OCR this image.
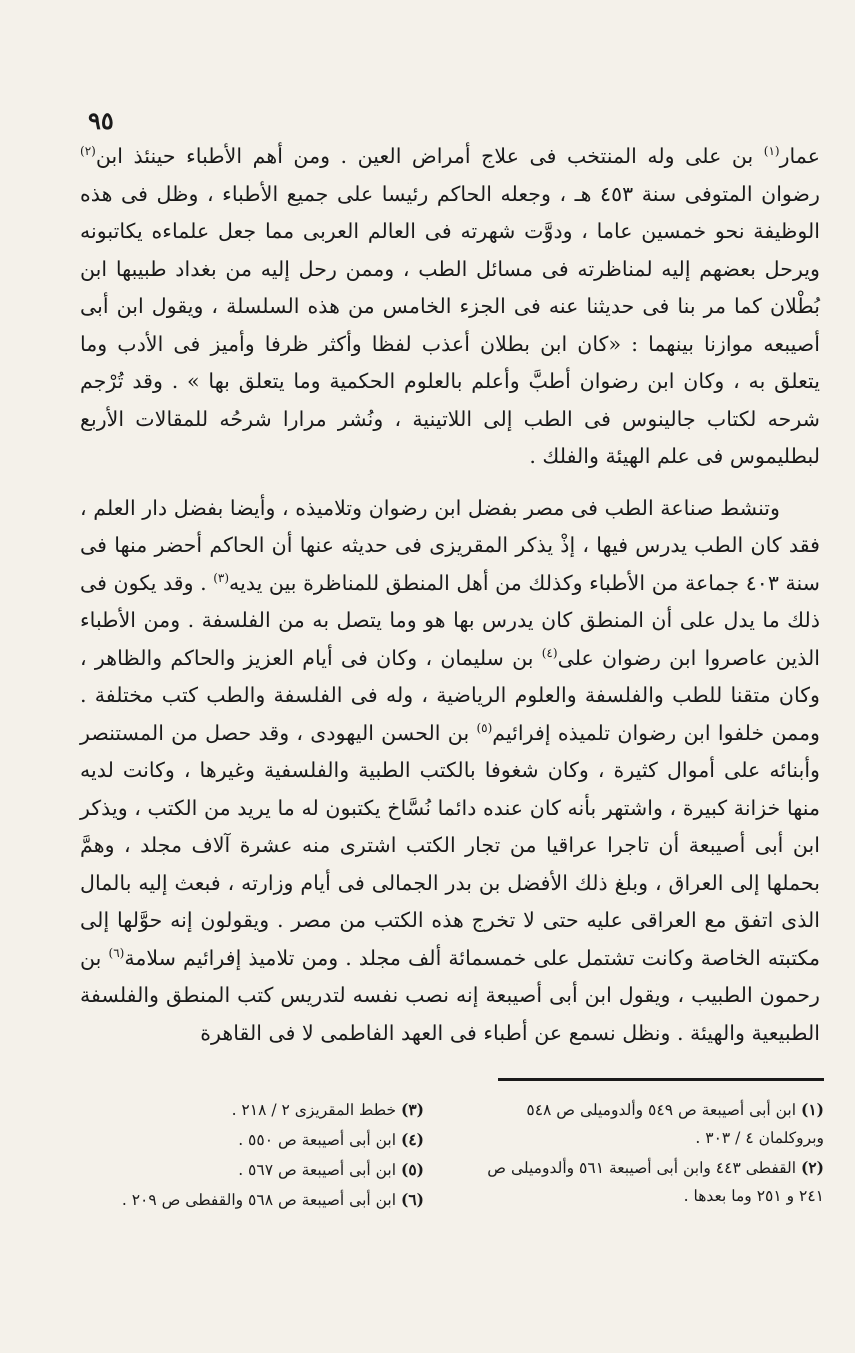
٩٥

عمار$^{(١)}$ بن على وله المنتخب فى علاج أمراض العين . ومن أهم الأطباء حينئذ ابن$^{(٢)}$ رضوان المتوفى سنة ٤٥٣ هـ ، وجعله الحاكم رئيسا على جميع الأطباء ، وظل فى هذه الوظيفة نحو خمسين عاما ، ودوَّت شهرته فى العالم العربى مما جعل علماءه يكاتبونه ويرحل بعضهم إليه لمناظرته فى مسائل الطب ، وممن رحل إليه من بغداد طبيبها ابن بُطْلان كما مر بنا فى حديثنا عنه فى الجزء الخامس من هذه السلسلة ، ويقول ابن أبى أصيبعه موازنا بينهما : «كان ابن بطلان أعذب لفظا وأكثر ظرفا وأميز فى الأدب وما يتعلق به ، وكان ابن رضوان أطبَّ وأعلم بالعلوم الحكمية وما يتعلق بها » . وقد تُرْجم شرحه لكتاب جالينوس فى الطب إلى اللاتينية ، ونُشر مرارا شرحُه للمقالات الأربع لبطليموس فى علم الهيئة والفلك .

وتنشط صناعة الطب فى مصر بفضل ابن رضوان وتلاميذه ، وأيضا بفضل دار العلم ، فقد كان الطب يدرس فيها ، إذْ يذكر المقريزى فى حديثه عنها أن الحاكم أحضر منها فى سنة ٤٠٣ جماعة من الأطباء وكذلك من أهل المنطق للمناظرة بين يديه$^{(٣)}$ . وقد يكون فى ذلك ما يدل على أن المنطق كان يدرس بها هو وما يتصل به من الفلسفة . ومن الأطباء الذين عاصروا ابن رضوان على$^{(٤)}$ بن سليمان ، وكان فى أيام العزيز والحاكم والظاهر ، وكان متقنا للطب والفلسفة والعلوم الرياضية ، وله فى الفلسفة والطب كتب مختلفة . وممن خلفوا ابن رضوان تلميذه إفرائيم$^{(٥)}$ بن الحسن اليهودى ، وقد حصل من المستنصر وأبنائه على أموال كثيرة ، وكان شغوفا بالكتب الطبية والفلسفية وغيرها ، وكانت لديه منها خزانة كبيرة ، واشتهر بأنه كان عنده دائما نُسَّاخ يكتبون له ما يريد من الكتب ، ويذكر ابن أبى أصيبعة أن تاجرا عراقيا من تجار الكتب اشترى منه عشرة آلاف مجلد ، وهمَّ بحملها إلى العراق ، وبلغ ذلك الأفضل بن بدر الجمالى فى أيام وزارته ، فبعث إليه بالمال الذى اتفق مع العراقى عليه حتى لا تخرج هذه الكتب من مصر . ويقولون إنه حوَّلها إلى مكتبته الخاصة وكانت تشتمل على خمسمائة ألف مجلد . ومن تلاميذ إفرائيم سلامة$^{(٦)}$ بن رحمون الطبيب ، ويقول ابن أبى أصيبعة إنه نصب نفسه لتدريس كتب المنطق والفلسفة الطبيعية والهيئة . ونظل نسمع عن أطباء فى العهد الفاطمى لا فى القاهرة

(١) ابن أبى أصيبعة ص ٥٤٩ وألدوميلى ص ٥٤٨ وبروكلمان ٤ / ٣٠٣ .

(٢) القفطى ٤٤٣ وابن أبى أصيبعة ٥٦١ وألدوميلى ص ٢٤١ و ٢٥١ وما بعدها .

(٣) خطط المقريزى ٢ / ٢١٨ .

(٤) ابن أبى أصيبعة ص ٥٥٠ .

(٥) ابن أبى أصيبعة ص ٥٦٧ .

(٦) ابن أبى أصيبعة ص ٥٦٨ والقفطى ص ٢٠٩ .
